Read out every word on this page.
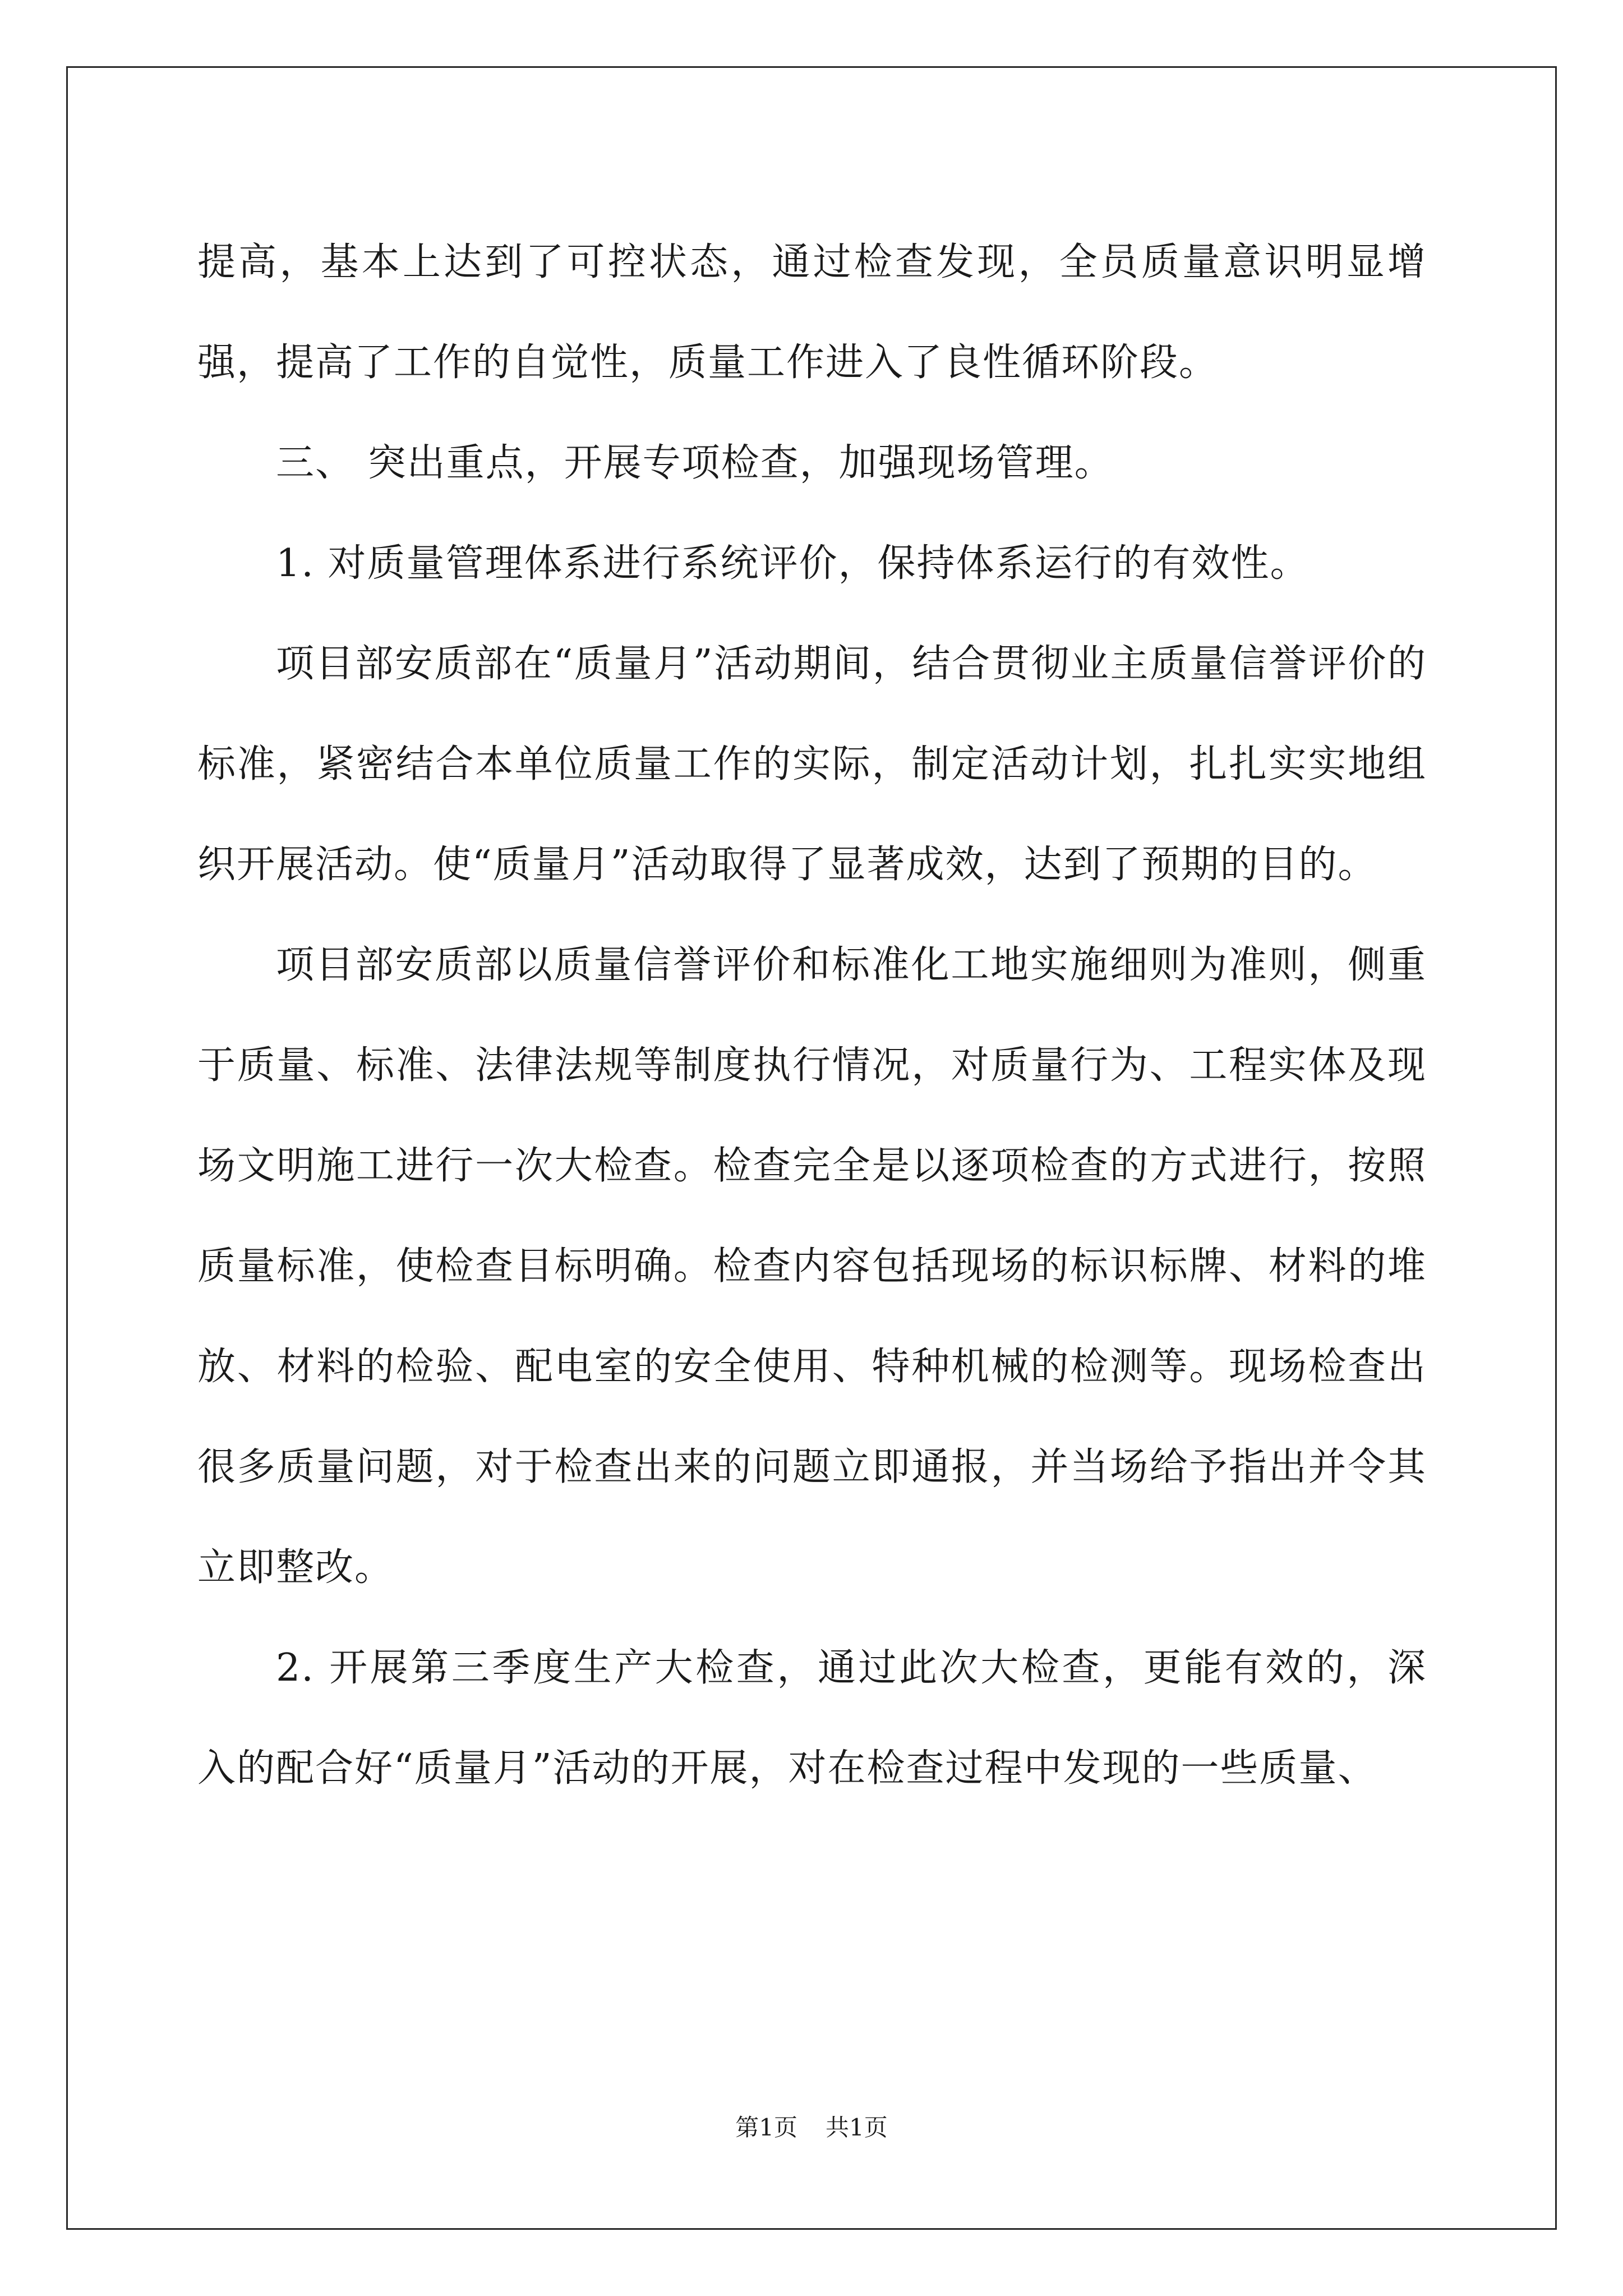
提高，基本上达到了可控状态，通过检查发现，全员质量意识明显增强，提高了工作的自觉性，质量工作进入了良性循环阶段。

三、 突出重点，开展专项检查，加强现场管理。

1. 对质量管理体系进行系统评价，保持体系运行的有效性。

项目部安质部在“质量月”活动期间，结合贯彻业主质量信誉评价的标准，紧密结合本单位质量工作的实际，制定活动计划，扎扎实实地组织开展活动。使“质量月”活动取得了显著成效，达到了预期的目的。

项目部安质部以质量信誉评价和标准化工地实施细则为准则，侧重于质量、标准、法律法规等制度执行情况，对质量行为、工程实体及现场文明施工进行一次大检查。检查完全是以逐项检查的方式进行，按照质量标准，使检查目标明确。检查内容包括现场的标识标牌、材料的堆放、材料的检验、配电室的安全使用、特种机械的检测等。现场检查出很多质量问题，对于检查出来的问题立即通报，并当场给予指出并令其立即整改。

2. 开展第三季度生产大检查，通过此次大检查，更能有效的，深入的配合好“质量月”活动的开展，对在检查过程中发现的一些质量、

第1页 共1页
